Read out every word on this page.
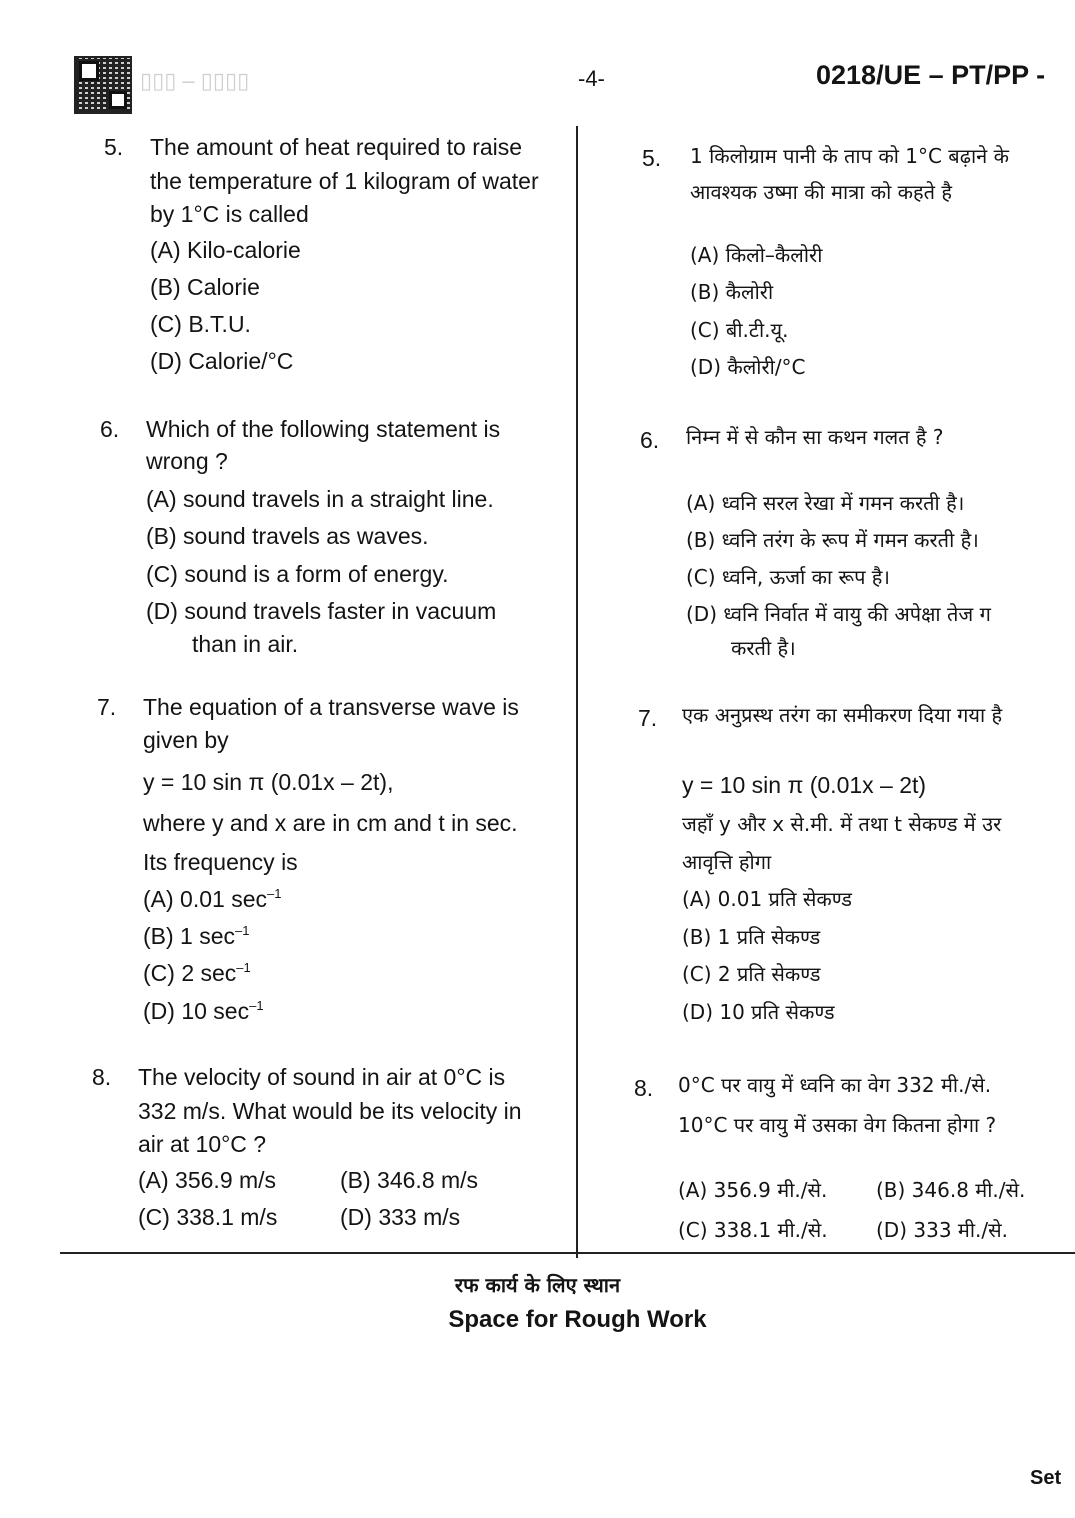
▯▯▯ – ▯▯▯▯	-4-	0218/UE – PT/PP -
5. The amount of heat required to raise
the temperature of 1 kilogram of water
by 1°C is called
(A) Kilo-calorie
(B) Calorie
(C) B.T.U.
(D) Calorie/°C
6. Which of the following statement is
wrong ?
(A) sound travels in a straight line.
(B) sound travels as waves.
(C) sound is a form of energy.
(D) sound travels faster in vacuum
than in air.
7. The equation of a transverse wave is
given by
y = 10 sin π (0.01x – 2t),
where y and x are in cm and t in sec.
Its frequency is
(A) 0.01 $\sec^{-1}$
(B) 1 $\sec^{-1}$
(C) 2 $\sec^{-1}$
(D) 10 $\sec^{-1}$
8. The velocity of sound in air at 0°C is
332 m/s. What would be its velocity in
air at 10°C ?
(A) 356.9 m/s	(B) 346.8 m/s
(C) 338.1 m/s	(D) 333 m/s
5. 1 किलोग्राम पानी के ताप को 1°C बढ़ाने के
आवश्यक उष्मा की मात्रा को कहते है
(A) किलो–कैलोरी
(B) कैलोरी
(C) बी.टी.यू.
(D) कैलोरी/°C
6. निम्न में से कौन सा कथन गलत है ?
(A) ध्वनि सरल रेखा में गमन करती है।
(B) ध्वनि तरंग के रूप में गमन करती है।
(C) ध्वनि, ऊर्जा का रूप है।
(D) ध्वनि निर्वात में वायु की अपेक्षा तेज ग
करती है।
7. एक अनुप्रस्थ तरंग का समीकरण दिया गया है
y = 10 sin π (0.01x – 2t)
जहाँ y और x से.मी. में तथा t सेकण्ड में उर
आवृत्ति होगा
(A) 0.01 प्रति सेकण्ड
(B) 1 प्रति सेकण्ड
(C) 2 प्रति सेकण्ड
(D) 10 प्रति सेकण्ड
8. 0°C पर वायु में ध्वनि का वेग 332 मी./से.
10°C पर वायु में उसका वेग कितना होगा ?
(A) 356.9 मी./से. (B) 346.8 मी./से.
(C) 338.1 मी./से. (D) 333 मी./से.
रफ कार्य के लिए स्थान
Space for Rough Work
Set
